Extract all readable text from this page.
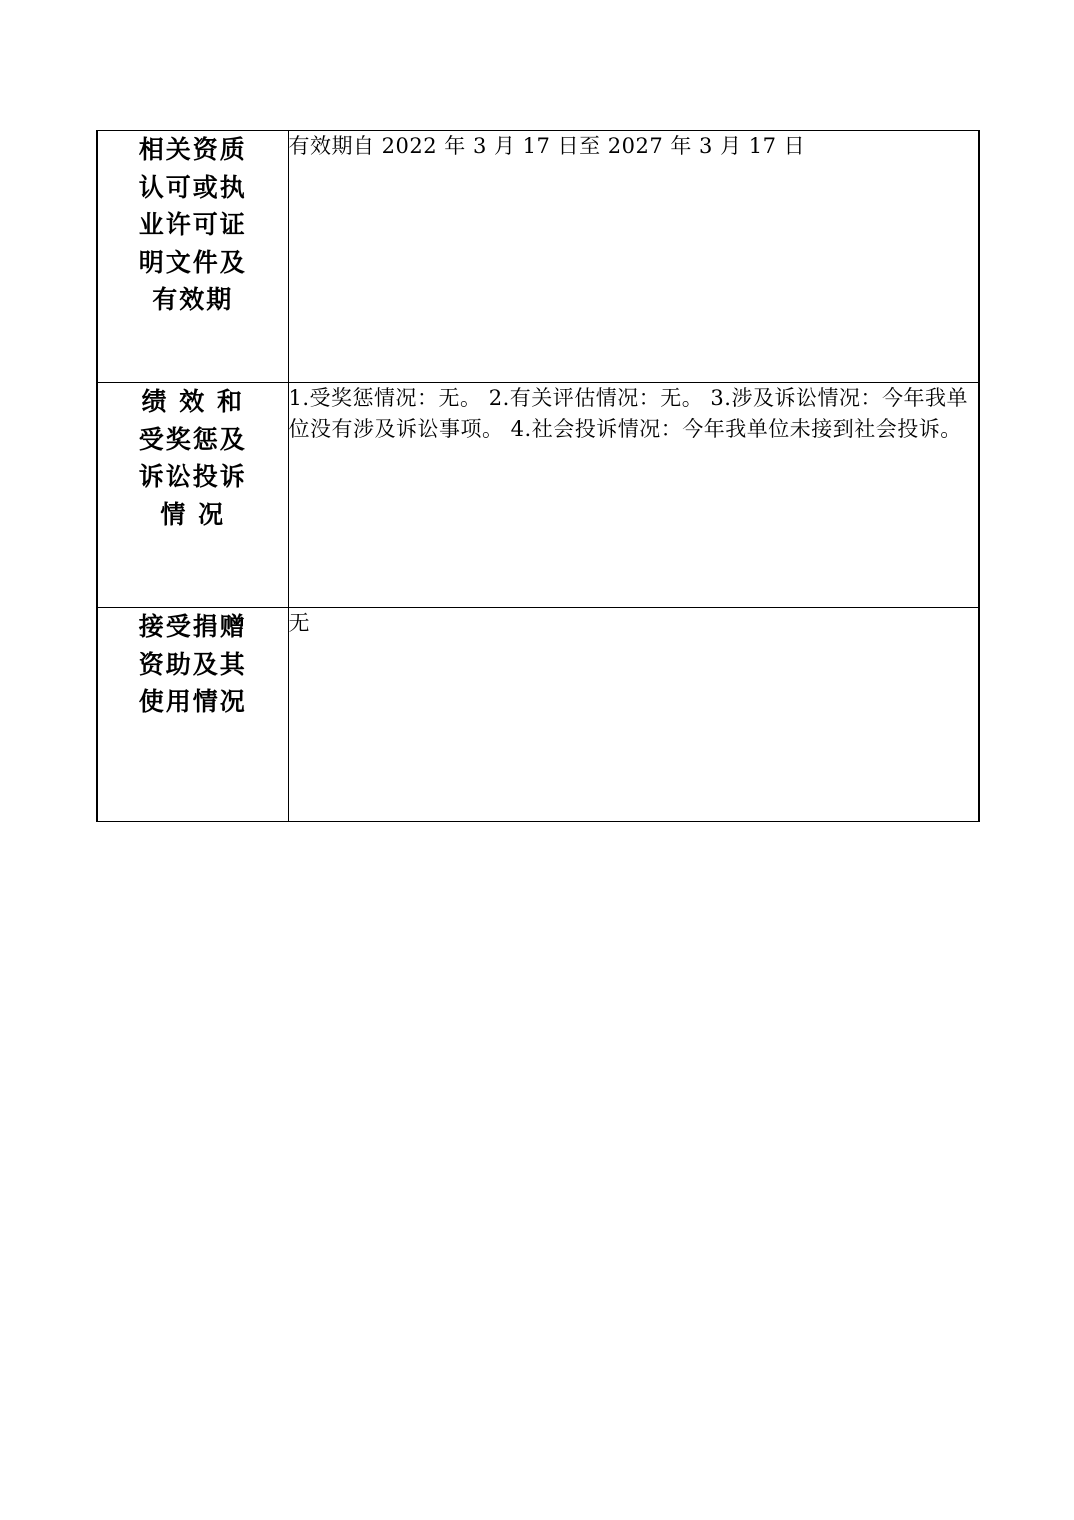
相关资质
认可或执
业许可证
明文件及
有效期	有效期自 2022 年 3 月 17 日至 2027 年 3 月 17 日

绩 效 和
受奖惩及
诉讼投诉
情 况	1.受奖惩情况：无。 2.有关评估情况：无。 3.涉及诉讼情况：今年我单位没有涉及诉讼事项。 4.社会投诉情况：今年我单位未接到社会投诉。

接受捐赠
资助及其
使用情况	无
